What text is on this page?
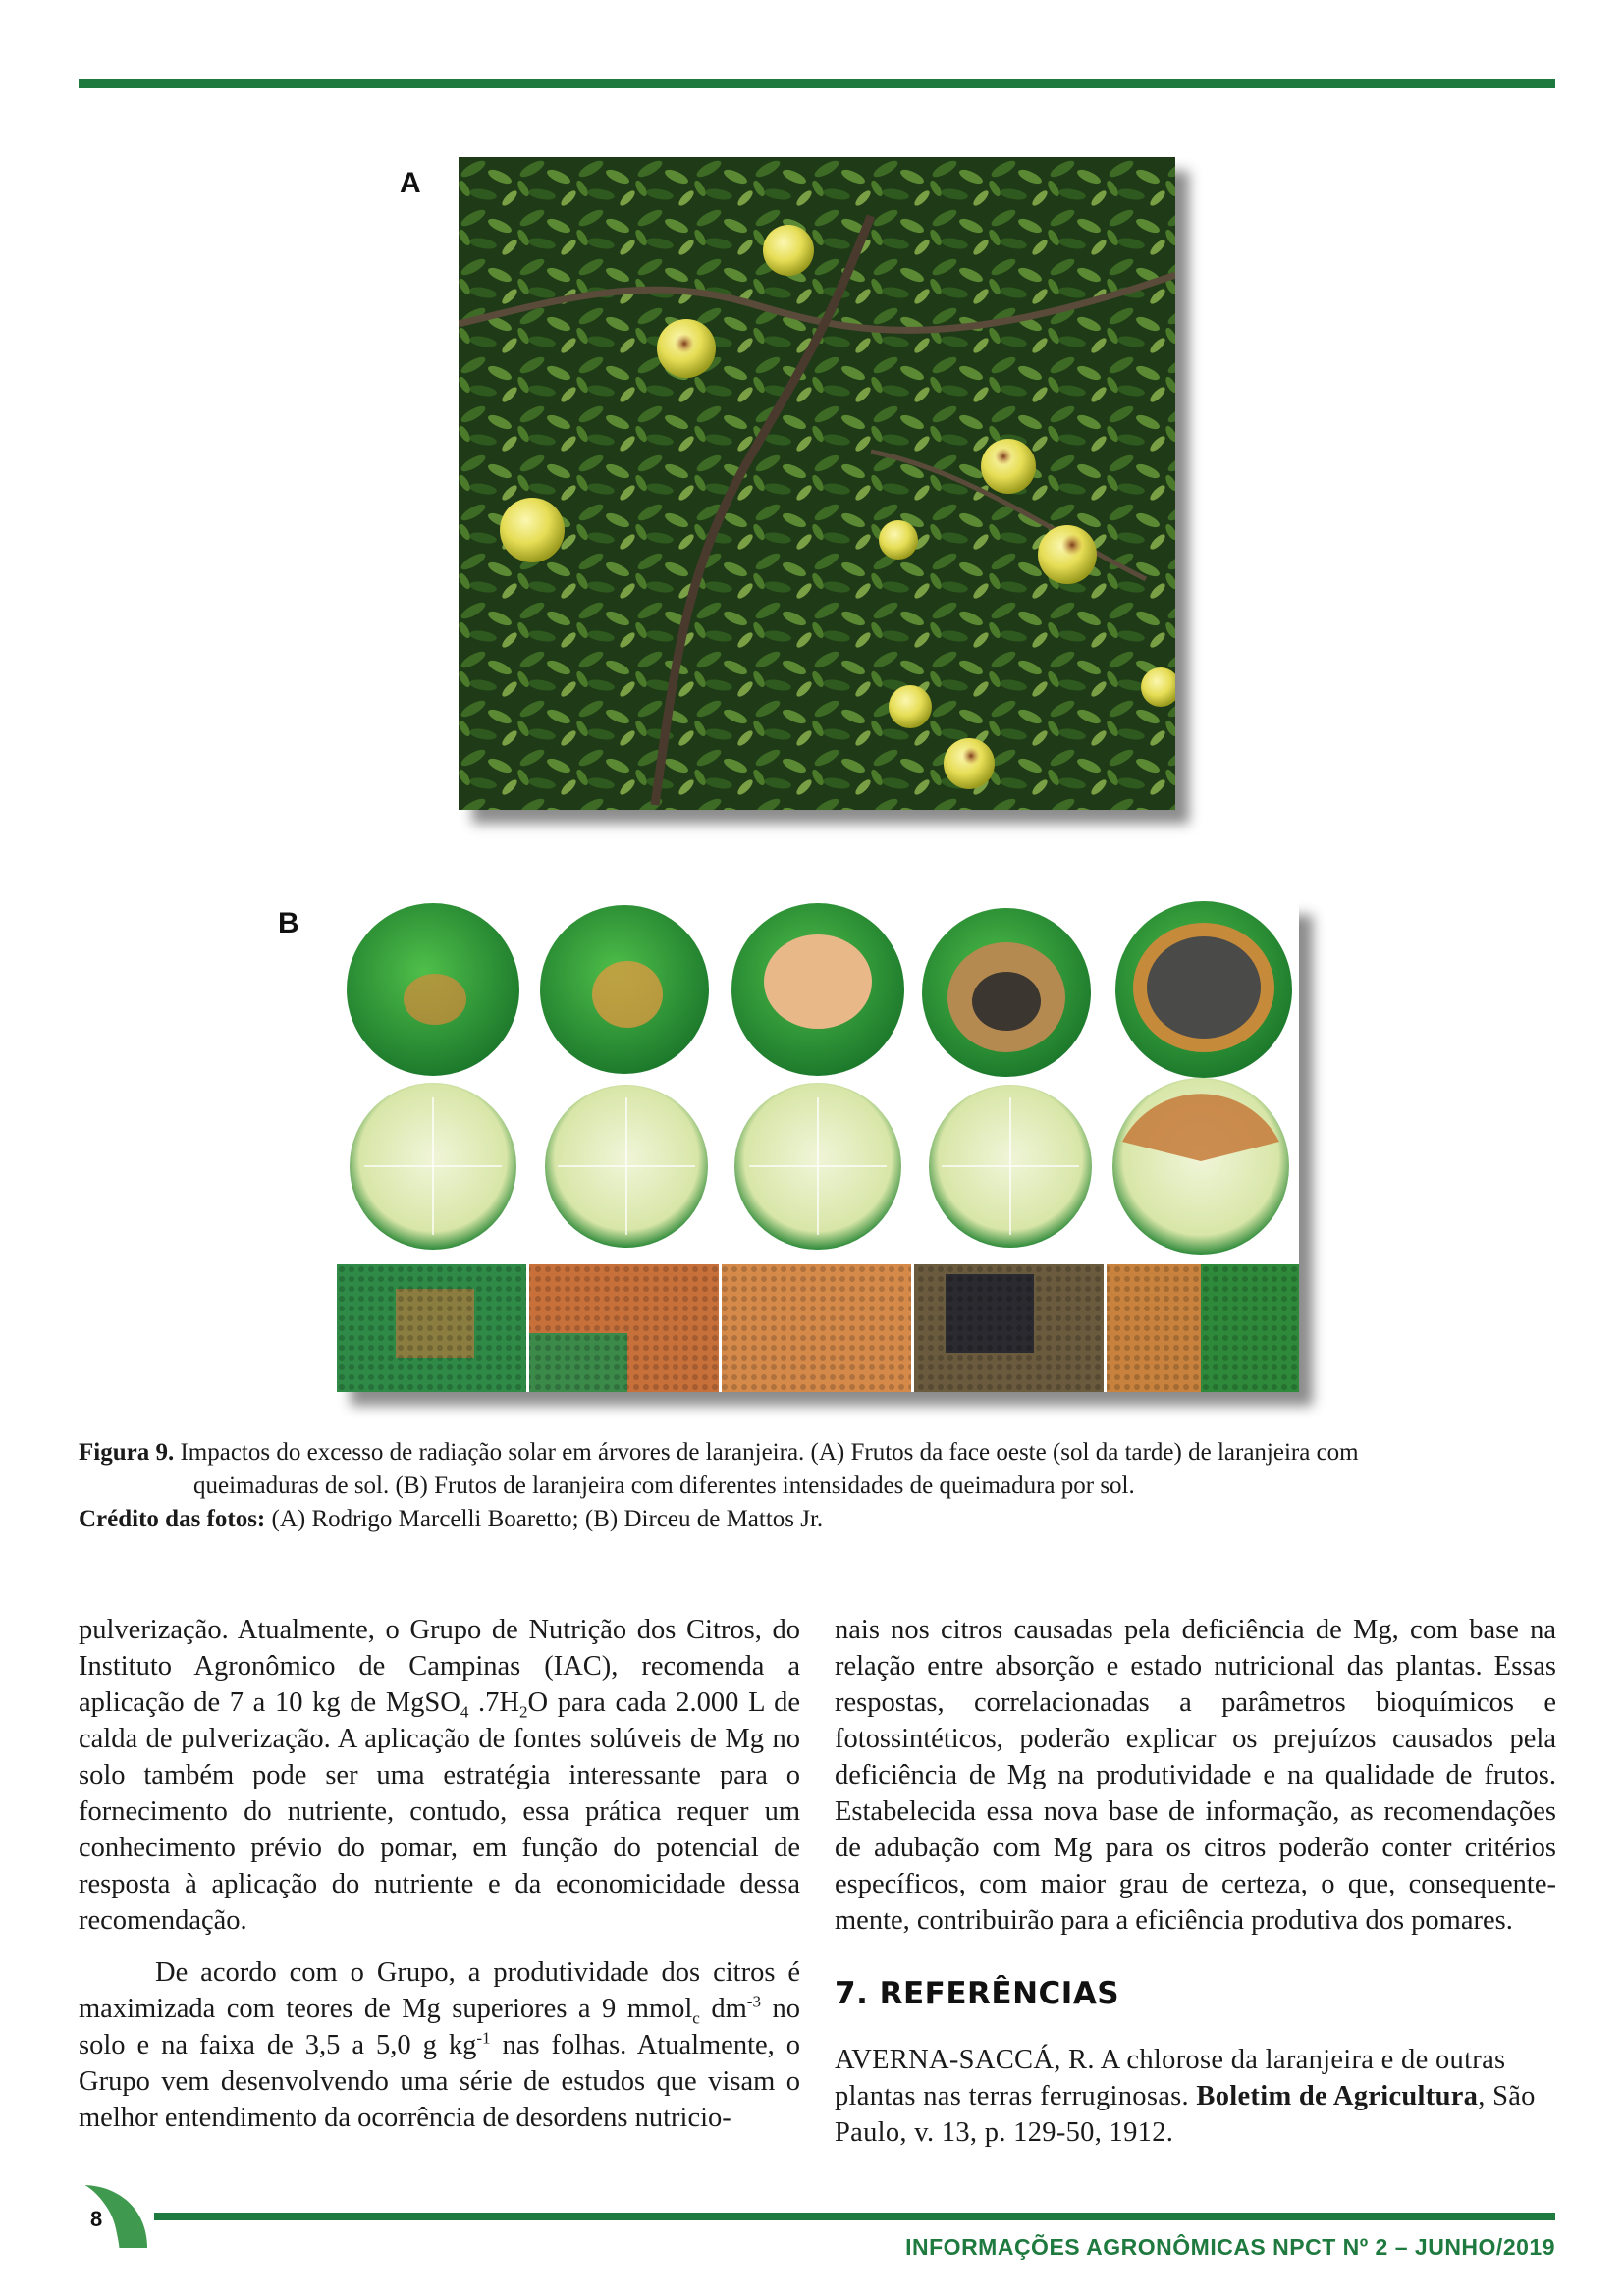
A
B
Figura 9. Impactos do excesso de radiação solar em árvores de laranjeira. (A) Frutos da face oeste (sol da tarde) de laranjeira com
queimaduras de sol. (B) Frutos de laranjeira com diferentes intensidades de queimadura por sol.
Crédito das fotos: (A) Rodrigo Marcelli Boaretto; (B) Dirceu de Mattos Jr.

pulverização. Atualmente, o Grupo de Nutrição dos Citros, do Instituto Agronômico de Campinas (IAC), recomenda a aplicação de 7 a 10 kg de MgSO$_4$ $.7H_2O$ para cada 2.000 L de calda de pulverização. A aplicação de fontes solúveis de Mg no solo também pode ser uma estratégia interessante para o fornecimento do nutriente, contudo, essa prática requer um conhecimento prévio do pomar, em função do potencial de resposta à aplicação do nutriente e da economicidade dessa recomendação.

De acordo com o Grupo, a produtividade dos citros é maximizada com teores de Mg superiores a 9 mmol$_c$ $dm^{-3}$ no solo e na faixa de 3,5 a 5,0 g $kg^{-1}$ nas folhas. Atualmente, o Grupo vem desenvolvendo uma série de estudos que visam o melhor entendimento da ocorrência de desordens nutricio-

nais nos citros causadas pela deficiência de Mg, com base na relação entre absorção e estado nutricional das plantas. Essas respostas, correlacionadas a parâmetros bioquímicos e fotossintéticos, poderão explicar os prejuízos causados pela deficiência de Mg na produtividade e na qualidade de frutos. Estabelecida essa nova base de informação, as recomendações de adubação com Mg para os citros poderão conter critérios específicos, com maior grau de certeza, o que, consequente-mente, contribuirão para a eficiência produtiva dos pomares.

7. REFERÊNCIAS

AVERNA-SACCÁ, R. A chlorose da laranjeira e de outras plantas nas terras ferruginosas. Boletim de Agricultura, São Paulo, v. 13, p. 129-50, 1912.

8
INFORMAÇÕES AGRONÔMICAS NPCT Nº 2 – JUNHO/2019
